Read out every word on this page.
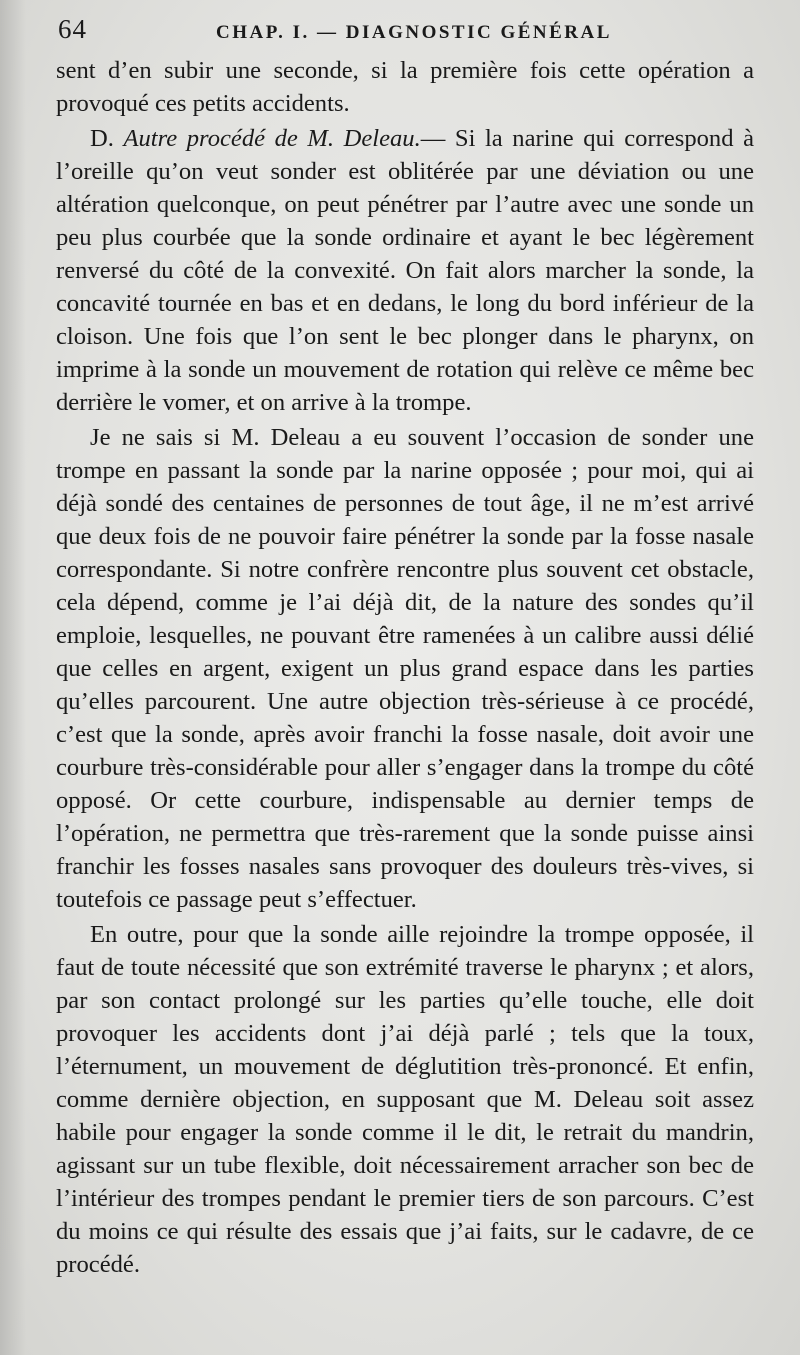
64	CHAP. I. — DIAGNOSTIC GÉNÉRAL

sent d’en subir une seconde, si la première fois cette opération a provoqué ces petits accidents.

D. Autre procédé de M. Deleau.— Si la narine qui correspond à l’oreille qu’on veut sonder est oblitérée par une déviation ou une altération quelconque, on peut pénétrer par l’autre avec une sonde un peu plus courbée que la sonde ordinaire et ayant le bec légèrement renversé du côté de la convexité. On fait alors marcher la sonde, la concavité tournée en bas et en dedans, le long du bord inférieur de la cloison. Une fois que l’on sent le bec plonger dans le pharynx, on imprime à la sonde un mouvement de rotation qui relève ce même bec derrière le vomer, et on arrive à la trompe.

Je ne sais si M. Deleau a eu souvent l’occasion de sonder une trompe en passant la sonde par la narine opposée ; pour moi, qui ai déjà sondé des centaines de personnes de tout âge, il ne m’est arrivé que deux fois de ne pouvoir faire pénétrer la sonde par la fosse nasale correspondante. Si notre confrère rencontre plus souvent cet obstacle, cela dépend, comme je l’ai déjà dit, de la nature des sondes qu’il emploie, lesquelles, ne pouvant être ramenées à un calibre aussi délié que celles en argent, exigent un plus grand espace dans les parties qu’elles parcourent. Une autre objection très-sérieuse à ce procédé, c’est que la sonde, après avoir franchi la fosse nasale, doit avoir une courbure très-considérable pour aller s’engager dans la trompe du côté opposé. Or cette courbure, indispensable au dernier temps de l’opération, ne permettra que très-rarement que la sonde puisse ainsi franchir les fosses nasales sans provoquer des douleurs très-vives, si toutefois ce passage peut s’effectuer.

En outre, pour que la sonde aille rejoindre la trompe opposée, il faut de toute nécessité que son extrémité traverse le pharynx ; et alors, par son contact prolongé sur les parties qu’elle touche, elle doit provoquer les accidents dont j’ai déjà parlé ; tels que la toux, l’éternument, un mouvement de déglutition très-prononcé. Et enfin, comme dernière objection, en supposant que M. Deleau soit assez habile pour engager la sonde comme il le dit, le retrait du mandrin, agissant sur un tube flexible, doit nécessairement arracher son bec de l’intérieur des trompes pendant le premier tiers de son parcours. C’est du moins ce qui résulte des essais que j’ai faits, sur le cadavre, de ce procédé.
